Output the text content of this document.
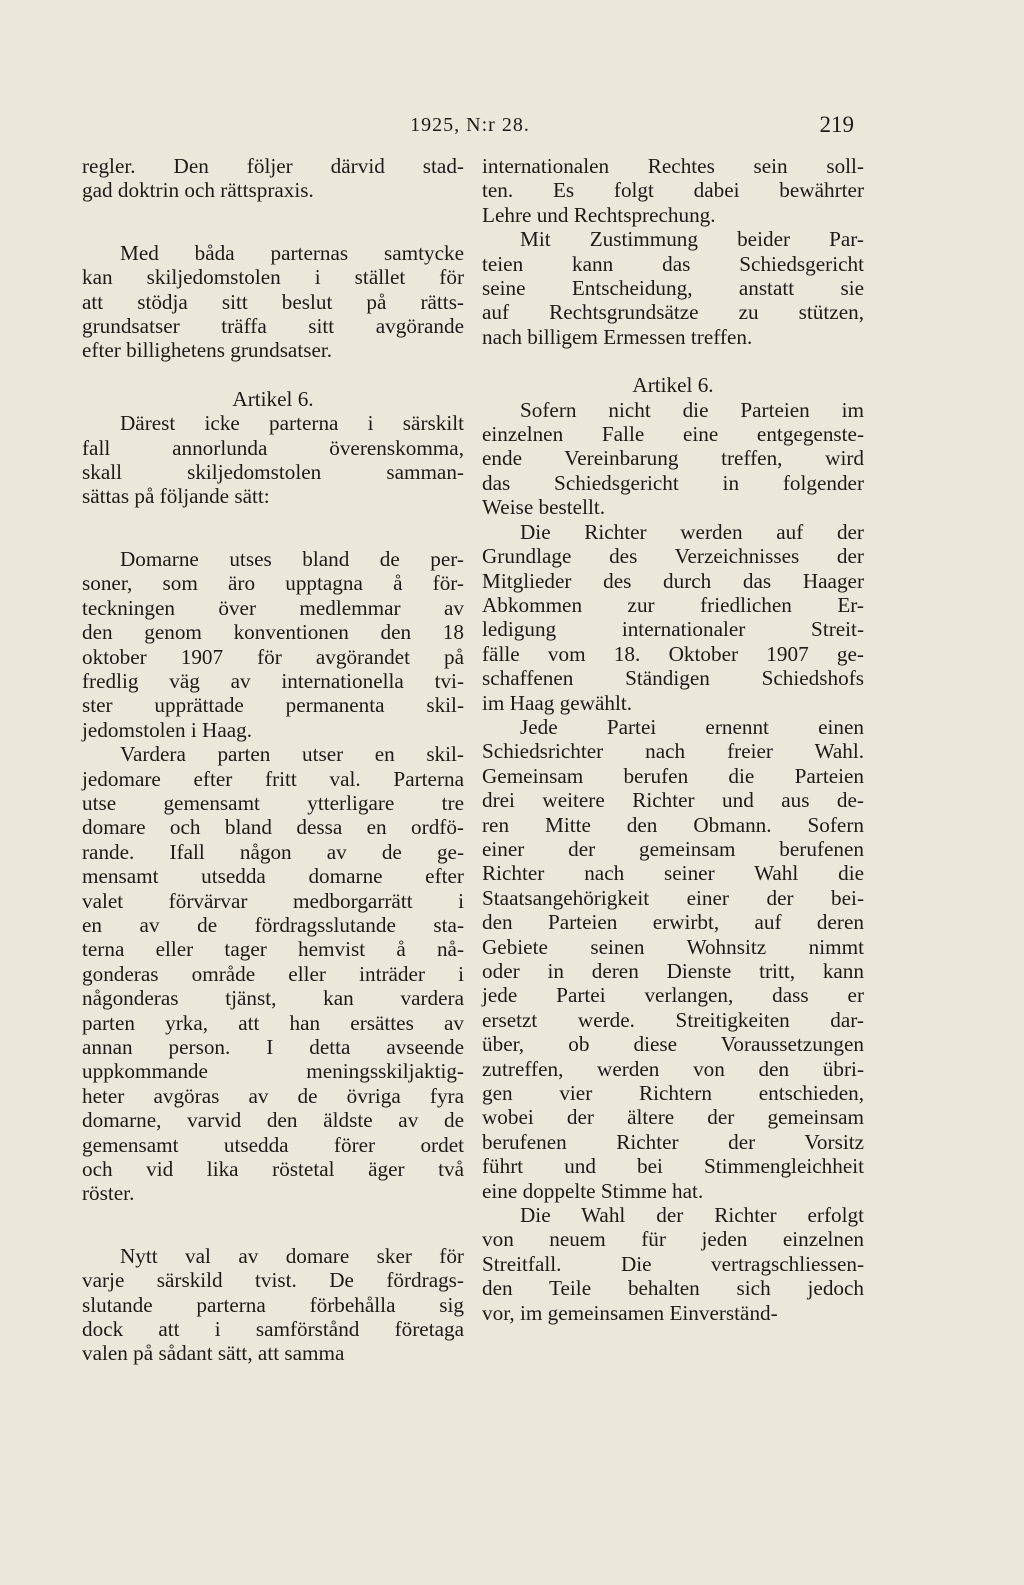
1925, N:r 28.	219
regler. Den följer därvid stad-
gad doktrin och rättspraxis.
Med båda parternas samtycke
kan skiljedomstolen i stället för
att stödja sitt beslut på rätts-
grundsatser träffa sitt avgörande
efter billighetens grundsatser.
Artikel 6.
Därest icke parterna i särskilt
fall annorlunda överenskomma,
skall skiljedomstolen samman-
sättas på följande sätt:
Domarne utses bland de per-
soner, som äro upptagna å för-
teckningen över medlemmar av
den genom konventionen den 18
oktober 1907 för avgörandet på
fredlig väg av internationella tvi-
ster upprättade permanenta skil-
jedomstolen i Haag.
Vardera parten utser en skil-
jedomare efter fritt val. Parterna
utse gemensamt ytterligare tre
domare och bland dessa en ordfö-
rande. Ifall någon av de ge-
mensamt utsedda domarne efter
valet förvärvar medborgarrätt i
en av de fördragsslutande sta-
terna eller tager hemvist å nå-
gonderas område eller inträder i
någonderas tjänst, kan vardera
parten yrka, att han ersättes av
annan person. I detta avseende
uppkommande meningsskiljaktig-
heter avgöras av de övriga fyra
domarne, varvid den äldste av de
gemensamt utsedda förer ordet
och vid lika röstetal äger två
röster.
Nytt val av domare sker för
varje särskild tvist. De fördrags-
slutande parterna förbehålla sig
dock att i samförstånd företaga
valen på sådant sätt, att samma
internationalen Rechtes sein soll-
ten. Es folgt dabei bewährter
Lehre und Rechtsprechung.
Mit Zustimmung beider Par-
teien kann das Schiedsgericht
seine Entscheidung, anstatt sie
auf Rechtsgrundsätze zu stützen,
nach billigem Ermessen treffen.
Artikel 6.
Sofern nicht die Parteien im
einzelnen Falle eine entgegenste-
ende Vereinbarung treffen, wird
das Schiedsgericht in folgender
Weise bestellt.
Die Richter werden auf der
Grundlage des Verzeichnisses der
Mitglieder des durch das Haager
Abkommen zur friedlichen Er-
ledigung internationaler Streit-
fälle vom 18. Oktober 1907 ge-
schaffenen Ständigen Schiedshofs
im Haag gewählt.
Jede Partei ernennt einen
Schiedsrichter nach freier Wahl.
Gemeinsam berufen die Parteien
drei weitere Richter und aus de-
ren Mitte den Obmann. Sofern
einer der gemeinsam berufenen
Richter nach seiner Wahl die
Staatsangehörigkeit einer der bei-
den Parteien erwirbt, auf deren
Gebiete seinen Wohnsitz nimmt
oder in deren Dienste tritt, kann
jede Partei verlangen, dass er
ersetzt werde. Streitigkeiten dar-
über, ob diese Voraussetzungen
zutreffen, werden von den übri-
gen vier Richtern entschieden,
wobei der ältere der gemeinsam
berufenen Richter der Vorsitz
führt und bei Stimmengleichheit
eine doppelte Stimme hat.
Die Wahl der Richter erfolgt
von neuem für jeden einzelnen
Streitfall. Die vertragschliessen-
den Teile behalten sich jedoch
vor, im gemeinsamen Einverständ-
